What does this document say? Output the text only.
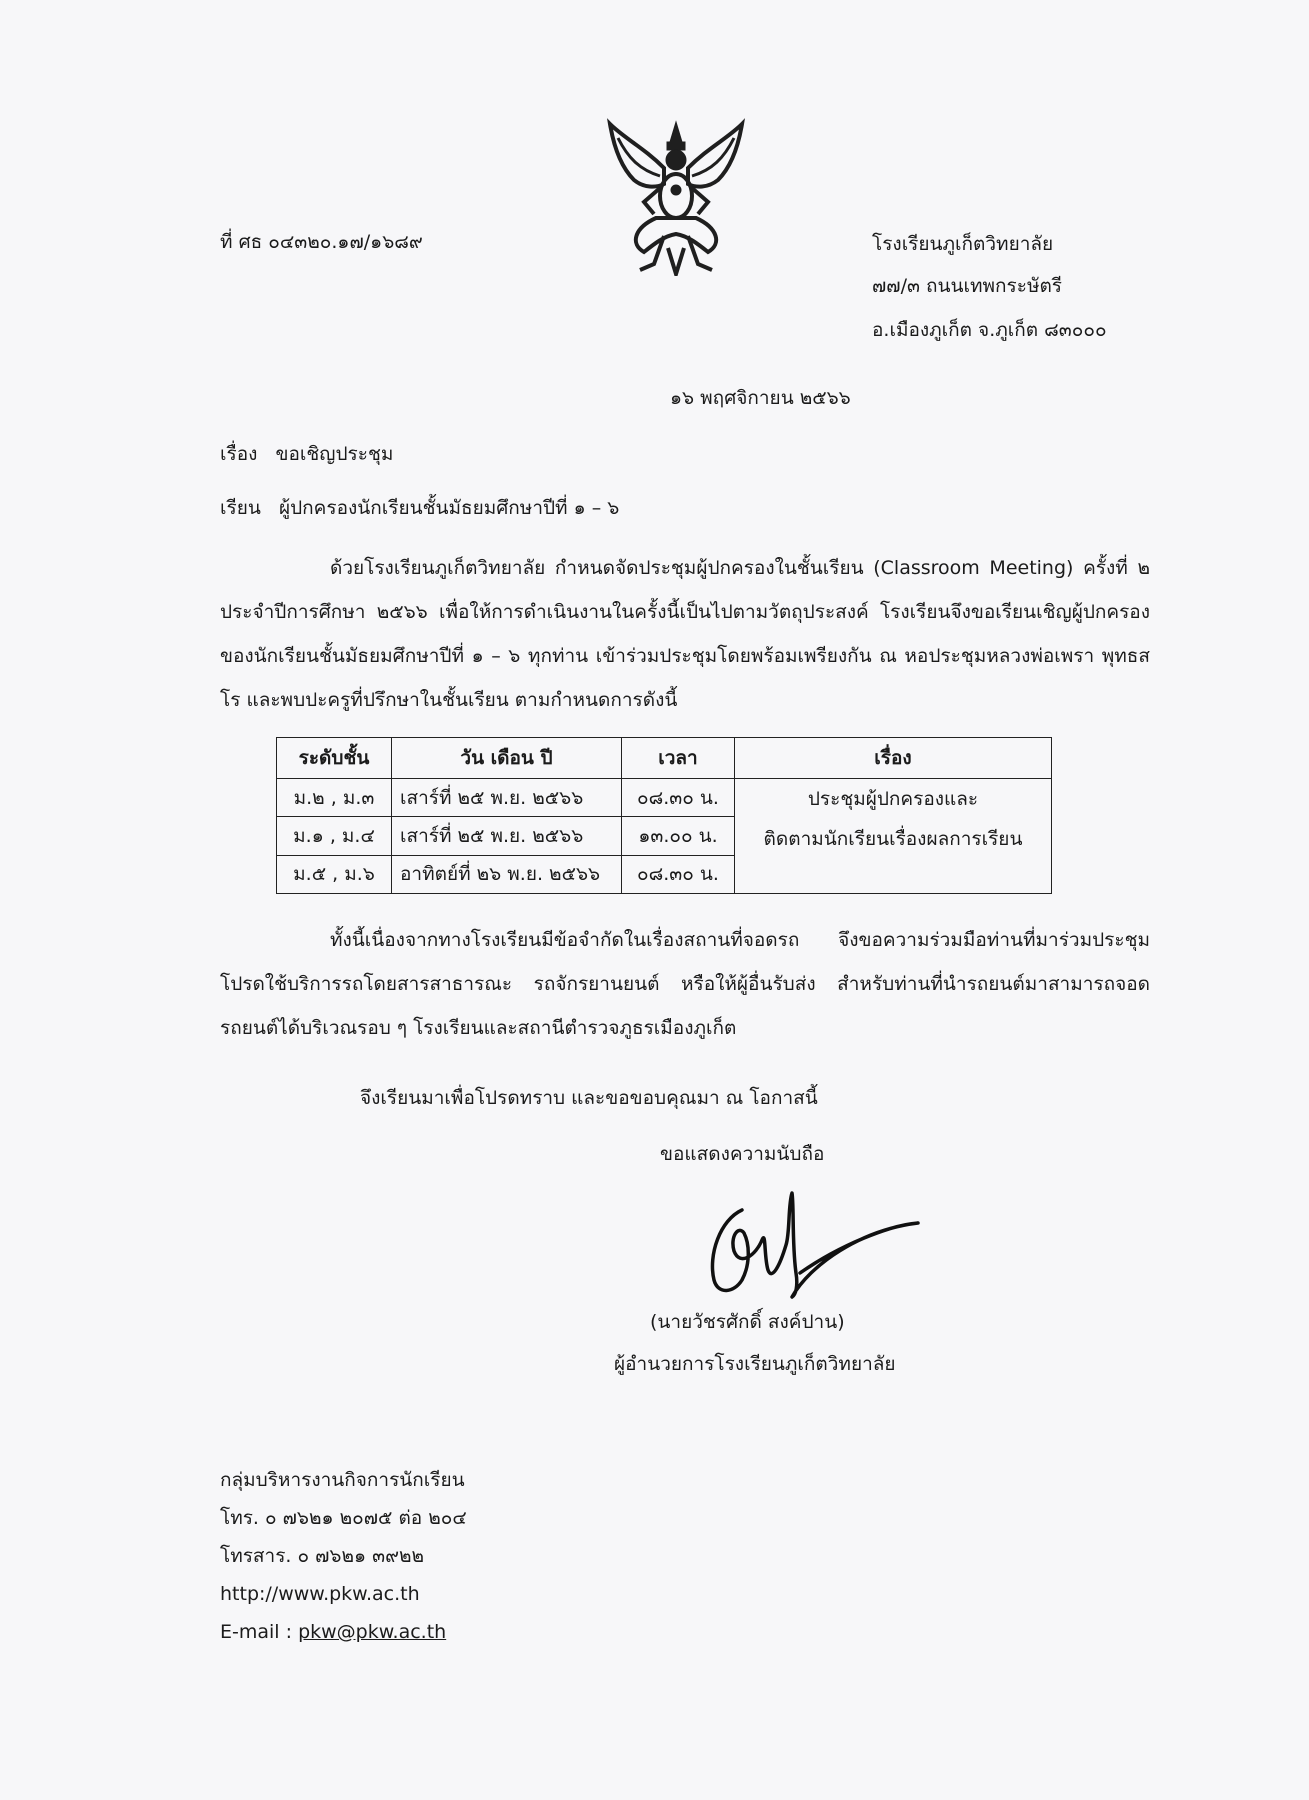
ที่ ศธ ๐๔๓๒๐.๑๗/๑๖๘๙	โรงเรียนภูเก็ตวิทยาลัย
๗๗/๓ ถนนเทพกระษัตรี
อ.เมืองภูเก็ต จ.ภูเก็ต ๘๓๐๐๐
๑๖ พฤศจิกายน ๒๕๖๖
เรื่อง ขอเชิญประชุม
เรียน ผู้ปกครองนักเรียนชั้นมัธยมศึกษาปีที่ ๑ – ๖
ด้วยโรงเรียนภูเก็ตวิทยาลัย กำหนดจัดประชุมผู้ปกครองในชั้นเรียน (Classroom Meeting) ครั้งที่ ๒ ประจำปีการศึกษา ๒๕๖๖ เพื่อให้การดำเนินงานในครั้งนี้เป็นไปตามวัตถุประสงค์ โรงเรียนจึงขอเรียนเชิญผู้ปกครองของนักเรียนชั้นมัธยมศึกษาปีที่ ๑ – ๖ ทุกท่าน เข้าร่วมประชุมโดยพร้อมเพรียงกัน ณ หอประชุมหลวงพ่อเพรา พุทธสโร และพบปะครูที่ปรึกษาในชั้นเรียน ตามกำหนดการดังนี้
ระดับชั้น	วัน เดือน ปี	เวลา	เรื่อง
ม.๒ , ม.๓	เสาร์ที่ ๒๕ พ.ย. ๒๕๖๖	๐๘.๓๐ น.	ประชุมผู้ปกครองและ
ติดตามนักเรียนเรื่องผลการเรียน

ม.๑ , ม.๔	เสาร์ที่ ๒๕ พ.ย. ๒๕๖๖	๑๓.๐๐ น.	
ม.๕ , ม.๖	อาทิตย์ที่ ๒๖ พ.ย. ๒๕๖๖	๐๘.๓๐ น.	
ทั้งนี้เนื่องจากทางโรงเรียนมีข้อจำกัดในเรื่องสถานที่จอดรถ จึงขอความร่วมมือท่านที่มาร่วมประชุม โปรดใช้บริการรถโดยสารสาธารณะ รถจักรยานยนต์ หรือให้ผู้อื่นรับส่ง สำหรับท่านที่นำรถยนต์มาสามารถจอดรถยนต์ได้บริเวณรอบ ๆ โรงเรียนและสถานีตำรวจภูธรเมืองภูเก็ต
จึงเรียนมาเพื่อโปรดทราบ และขอขอบคุณมา ณ โอกาสนี้
ขอแสดงความนับถือ
(นายวัชรศักดิ์ สงค์ปาน)
ผู้อำนวยการโรงเรียนภูเก็ตวิทยาลัย
กลุ่มบริหารงานกิจการนักเรียน
โทร. ๐ ๗๖๒๑ ๒๐๗๕ ต่อ ๒๐๔
โทรสาร. ๐ ๗๖๒๑ ๓๙๒๒
http://www.pkw.ac.th
E-mail : pkw@pkw.ac.th
